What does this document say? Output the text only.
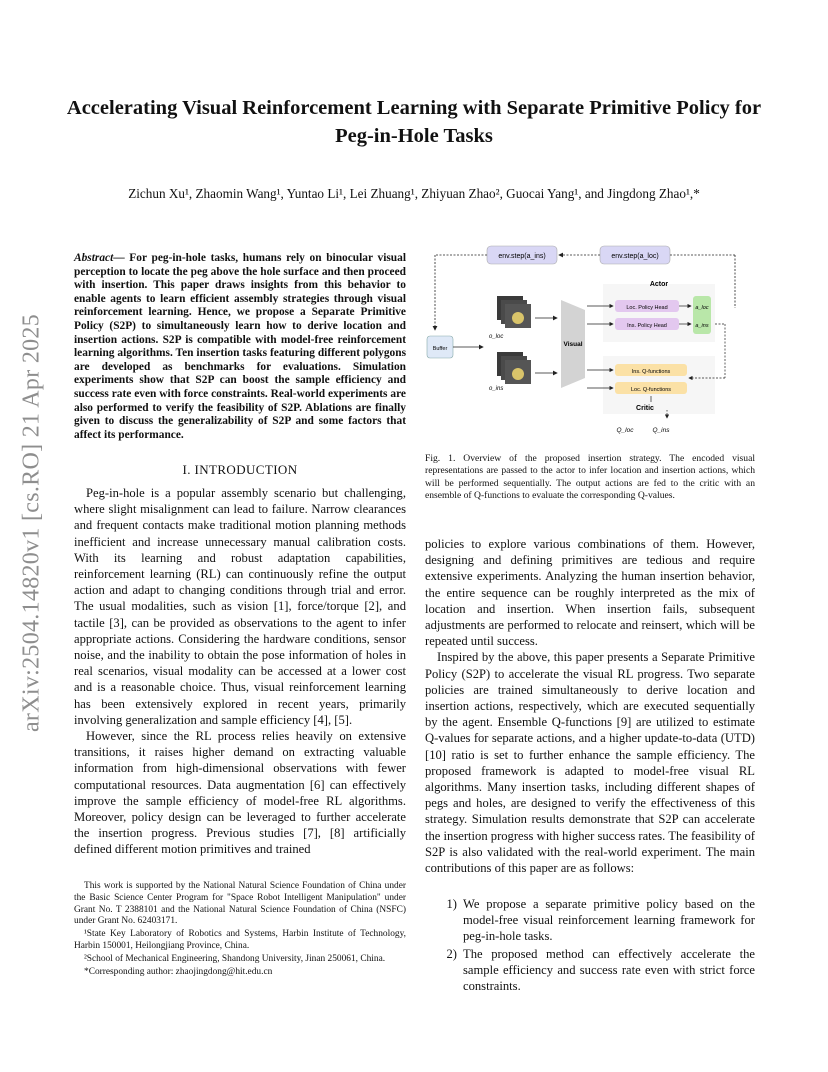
arXiv:2504.14820v1 [cs.RO] 21 Apr 2025
Accelerating Visual Reinforcement Learning with Separate Primitive Policy for Peg-in-Hole Tasks
Zichun Xu¹, Zhaomin Wang¹, Yuntao Li¹, Lei Zhuang¹, Zhiyuan Zhao², Guocai Yang¹, and Jingdong Zhao¹,*
Abstract— For peg-in-hole tasks, humans rely on binocular visual perception to locate the peg above the hole surface and then proceed with insertion. This paper draws insights from this behavior to enable agents to learn efficient assembly strategies through visual reinforcement learning. Hence, we propose a Separate Primitive Policy (S2P) to simultaneously learn how to derive location and insertion actions. S2P is compatible with model-free reinforcement learning algorithms. Ten insertion tasks featuring different polygons are developed as benchmarks for evaluations. Simulation experiments show that S2P can boost the sample efficiency and success rate even with force constraints. Real-world experiments are also performed to verify the feasibility of S2P. Ablations are finally given to discuss the generalizability of S2P and some factors that affect its performance.
I. INTRODUCTION

Peg-in-hole is a popular assembly scenario but challenging, where slight misalignment can lead to failure. Narrow clearances and frequent contacts make traditional motion planning methods inefficient and increase unnecessary manual calibration costs. With its learning and robust adaptation capabilities, reinforcement learning (RL) can continuously refine the output action and adapt to changing conditions through trial and error. The usual modalities, such as vision [1], force/torque [2], and tactile [3], can be provided as observations to the agent to infer appropriate actions. Considering the hardware conditions, sensor noise, and the inability to obtain the pose information of holes in real scenarios, visual modality can be accessed at a lower cost and is a reasonable choice. Thus, visual reinforcement learning has been extensively explored in recent years, primarily involving generalization and sample efficiency [4], [5].

However, since the RL process relies heavily on extensive transitions, it raises higher demand on extracting valuable information from high-dimensional observations with fewer computational resources. Data augmentation [6] can effectively improve the sample efficiency of model-free RL algorithms. Moreover, policy design can be leveraged to further accelerate the insertion progress. Previous studies [7], [8] artificially defined different motion primitives and trained

This work is supported by the National Natural Science Foundation of China under the Basic Science Center Program for "Space Robot Intelligent Manipulation" under Grant No. T 2388101 and the National Natural Science Foundation of China (NSFC) under Grant No. 62403171.

¹State Key Laboratory of Robotics and Systems, Harbin Institute of Technology, Harbin 150001, Heilongjiang Province, China.

²School of Mechanical Engineering, Shandong University, Jinan 250061, China.

*Corresponding author: zhaojingdong@hit.edu.cn

env.step(a_ins)	env.step(a_loc)
Buffer
o_loc
o_ins
Visual
Actor
Loc. Policy Head
Ins. Policy Head
a_loc
a_ins
Ins. Q-functions
Loc. Q-functions
Critic
Q_loc	Q_ins
Fig. 1. Overview of the proposed insertion strategy. The encoded visual representations are passed to the actor to infer location and insertion actions, which will be performed sequentially. The output actions are fed to the critic with an ensemble of Q-functions to evaluate the corresponding Q-values.

policies to explore various combinations of them. However, designing and defining primitives are tedious and require extensive experiments. Analyzing the human insertion behavior, the entire sequence can be roughly interpreted as the mix of location and insertion. When insertion fails, subsequent adjustments are performed to relocate and reinsert, which will be repeated until success.

Inspired by the above, this paper presents a Separate Primitive Policy (S2P) to accelerate the visual RL progress. Two separate policies are trained simultaneously to derive location and insertion actions, respectively, which are executed sequentially by the agent. Ensemble Q-functions [9] are utilized to estimate Q-values for separate actions, and a higher update-to-data (UTD) [10] ratio is set to further enhance the sample efficiency. The proposed framework is adapted to model-free visual RL algorithms. Many insertion tasks, including different shapes of pegs and holes, are designed to verify the effectiveness of this strategy. Simulation results demonstrate that S2P can accelerate the insertion progress with higher success rates. The feasibility of S2P is also validated with the real-world experiment. The main contributions of this paper are as follows:

1) We propose a separate primitive policy based on the model-free visual reinforcement learning framework for peg-in-hole tasks.
2) The proposed method can effectively accelerate the sample efficiency and success rate even with strict force constraints.
